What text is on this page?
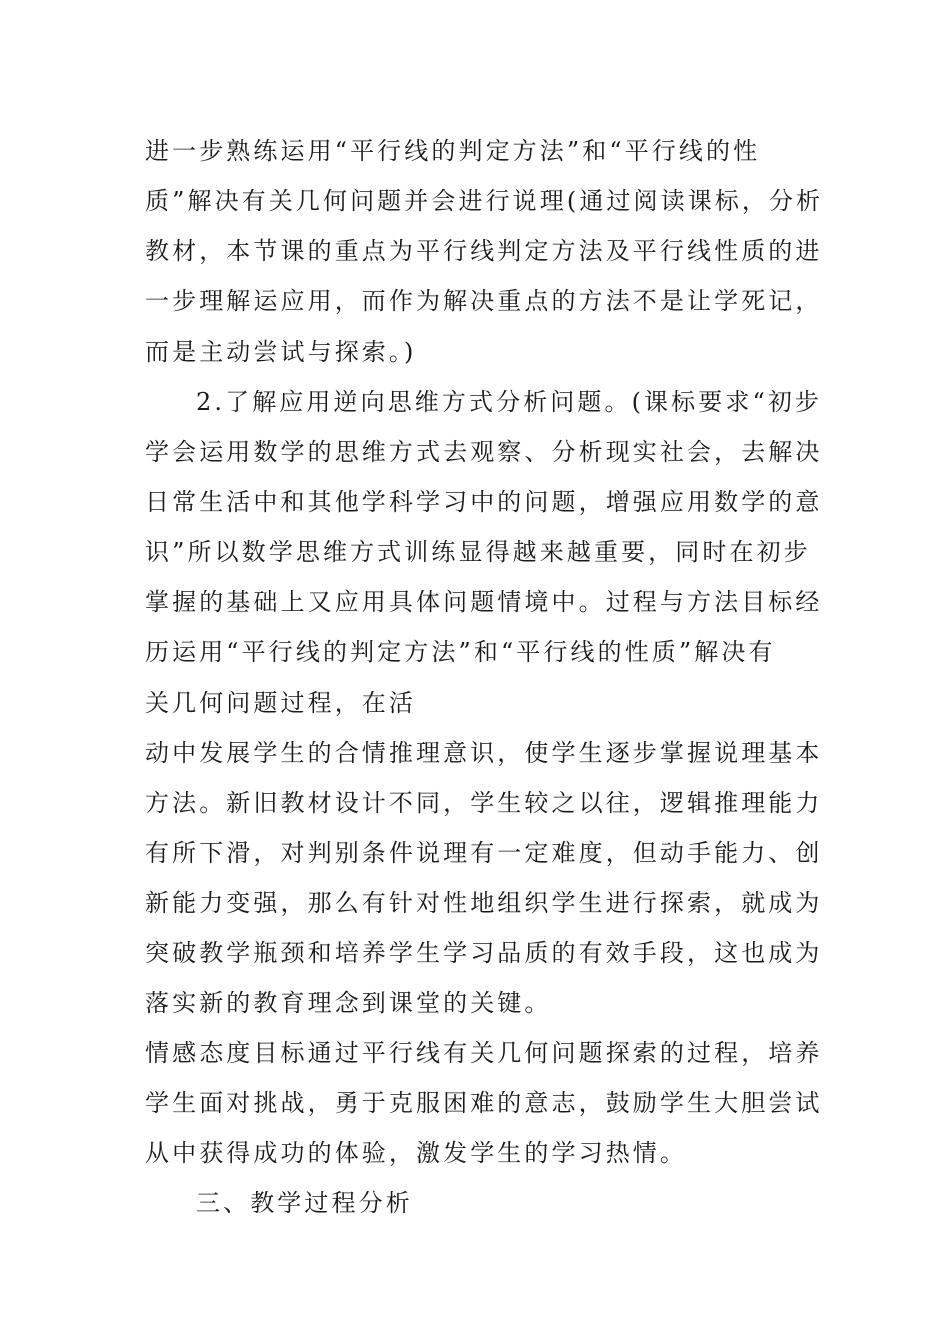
进一步熟练运用“平行线的判定方法”和“平行线的性
质”解决有关几何问题并会进行说理(通过阅读课标，分析
教材，本节课的重点为平行线判定方法及平行线性质的进
一步理解运应用，而作为解决重点的方法不是让学死记，
而是主动尝试与探索。)
2.了解应用逆向思维方式分析问题。(课标要求“初步
学会运用数学的思维方式去观察、分析现实社会，去解决
日常生活中和其他学科学习中的问题，增强应用数学的意
识”所以数学思维方式训练显得越来越重要，同时在初步
掌握的基础上又应用具体问题情境中。过程与方法目标经
历运用“平行线的判定方法”和“平行线的性质”解决有
关几何问题过程，在活
动中发展学生的合情推理意识，使学生逐步掌握说理基本
方法。新旧教材设计不同，学生较之以往，逻辑推理能力
有所下滑，对判别条件说理有一定难度，但动手能力、创
新能力变强，那么有针对性地组织学生进行探索，就成为
突破教学瓶颈和培养学生学习品质的有效手段，这也成为
落实新的教育理念到课堂的关键。
情感态度目标通过平行线有关几何问题探索的过程，培养
学生面对挑战，勇于克服困难的意志，鼓励学生大胆尝试
从中获得成功的体验，激发学生的学习热情。
三、教学过程分析
